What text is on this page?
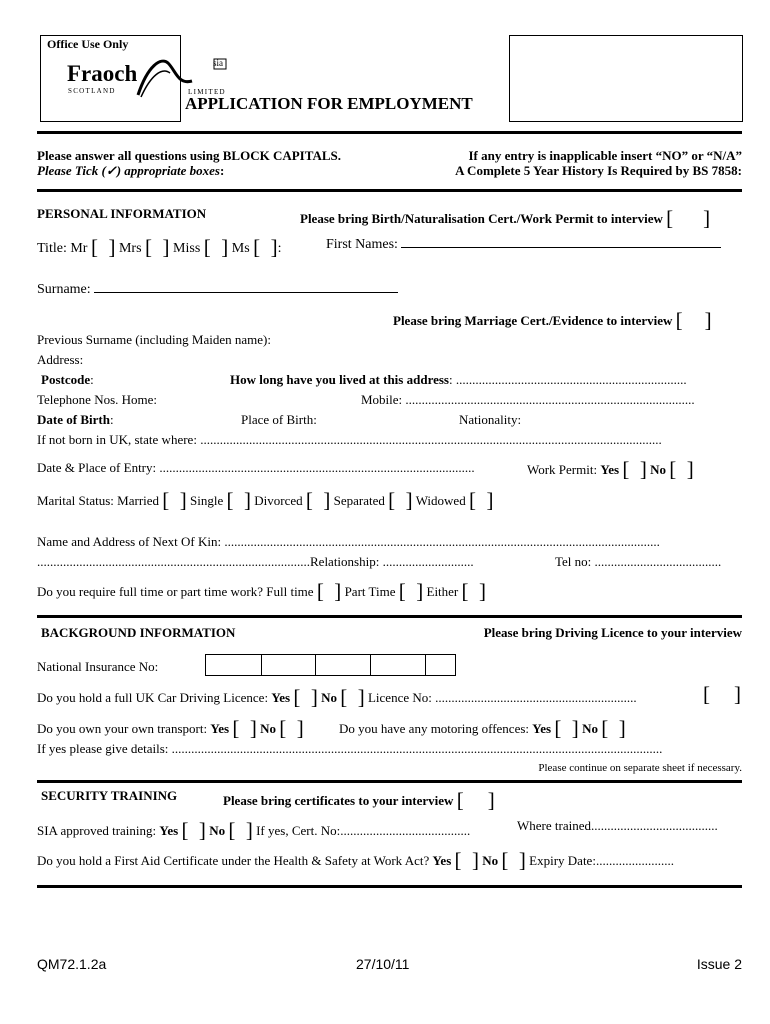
Office Use Only
Fraoch
SCOTLAND	LIMITED
sia
APPLICATION FOR EMPLOYMENT
Please answer all questions using BLOCK CAPITALS.
Please Tick (✓) appropriate boxes:
If any entry is inapplicable insert “NO” or “N/A”
A Complete 5 Year History Is Required by BS 7858:
PERSONAL INFORMATION	Please bring Birth/Naturalisation Cert./Work Permit to interview [ ]
Title: Mr [  ] Mrs [  ] Miss [  ] Ms [  ]:	First Names:
Surname:
Please bring Marriage Cert./Evidence to interview [ ]
Previous Surname (including Maiden name):
Address:
Postcode:	How long have you lived at this address: .......................................................................
Telephone Nos. Home:	Mobile: .........................................................................................
Date of Birth:	Place of Birth:	Nationality:
If not born in UK, state where: ..............................................................................................................................................
Date & Place of Entry: .................................................................................................	Work Permit: Yes [  ] No [  ]
Marital Status: Married [  ] Single [  ] Divorced [  ] Separated [  ] Widowed [  ]
Name and Address of Next Of Kin: ......................................................................................................................................
....................................................................................Relationship: ............................	Tel no: .......................................
Do you require full time or part time work? Full time [  ] Part Time [  ] Either [  ]
BACKGROUND INFORMATION	Please bring Driving Licence to your interview
National Insurance No:
Do you hold a full UK Car Driving Licence: Yes [  ] No [  ] Licence No: ..............................................................	[ ]
Do you own your own transport: Yes [  ] No [  ]	Do you have any motoring offences: Yes [  ] No [  ]
If yes please give details: .......................................................................................................................................................
Please continue on separate sheet if necessary.
SECURITY TRAINING	Please bring certificates to your interview [ ]
SIA approved training: Yes [  ] No [  ] If yes, Cert. No:........................................	Where trained.......................................
Do you hold a First Aid Certificate under the Health & Safety at Work Act? Yes [  ] No [  ] Expiry Date:........................
QM72.1.2a	27/10/11	Issue 2
